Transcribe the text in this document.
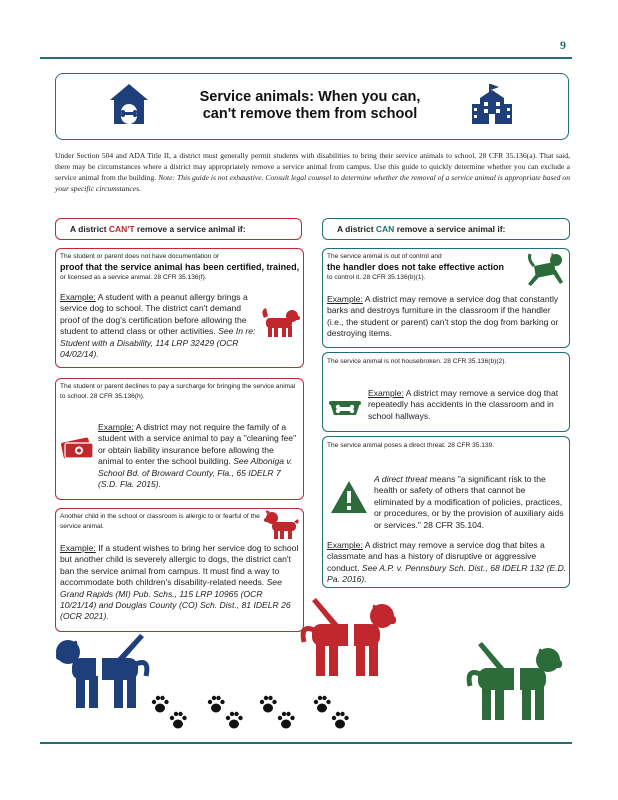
9
Service animals: When you can,
can't remove them from school
Under Section 504 and ADA Title II, a district must generally permit students with disabilities to bring their service animals to school. 28 CFR 35.136(a). That said, there may be circumstances where a district may appropriately remove a service animal from campus. Use this guide to quickly determine whether you can exclude a service animal from the building. Note: This guide is not exhaustive. Consult legal counsel to determine whether the removal of a service animal is appropriate based on your specific circumstances.
A district CAN'T remove a service animal if:	A district CAN remove a service animal if:
The student or parent does not have documentation or
proof that the service animal has been certified, trained,
or licensed as a service animal. 28 CFR 35.136(f).
Example: A student with a peanut allergy brings a service dog to school. The district can't demand proof of the dog's certification before allowing the student to attend class or other activities. See In re: Student with a Disability, 114 LRP 32429 (OCR 04/02/14).
The student or parent declines to pay a surcharge for bringing the service animal to school. 28 CFR 35.136(h).
Example: A district may not require the family of a student with a service animal to pay a "cleaning fee" or obtain liability insurance before allowing the animal to enter the school building. See Alboniga v. School Bd. of Broward County, Fla., 65 IDELR 7 (S.D. Fla. 2015).
Another child in the school or classroom is allergic to or fearful of the service animal.
Example: If a student wishes to bring her service dog to school but another child is severely allergic to dogs, the district can't ban the service animal from campus. It must find a way to accommodate both children's disability-related needs. See Grand Rapids (MI) Pub. Schs., 115 LRP 10965 (OCR 10/21/14) and Douglas County (CO) Sch. Dist., 81 IDELR 26 (OCR 2021).
The service animal is out of control and
the handler does not take effective action
to control it. 28 CFR 35.136(b)(1).
Example: A district may remove a service dog that constantly barks and destroys furniture in the classroom if the handler (i.e., the student or parent) can't stop the dog from barking or destroying items.
The service animal is not housebroken. 28 CFR 35.136(b)(2).
Example: A district may remove a service dog that repeatedly has accidents in the classroom and in school hallways.
The service animal poses a direct threat. 28 CFR 35.139.
A direct threat means "a significant risk to the health or safety of others that cannot be eliminated by a modification of policies, practices, or procedures, or by the provision of auxiliary aids or services." 28 CFR 35.104.
Example: A district may remove a service dog that bites a classmate and has a history of disruptive or aggressive conduct. See A.P. v. Pennsbury Sch. Dist., 68 IDELR 132 (E.D. Pa. 2016).
